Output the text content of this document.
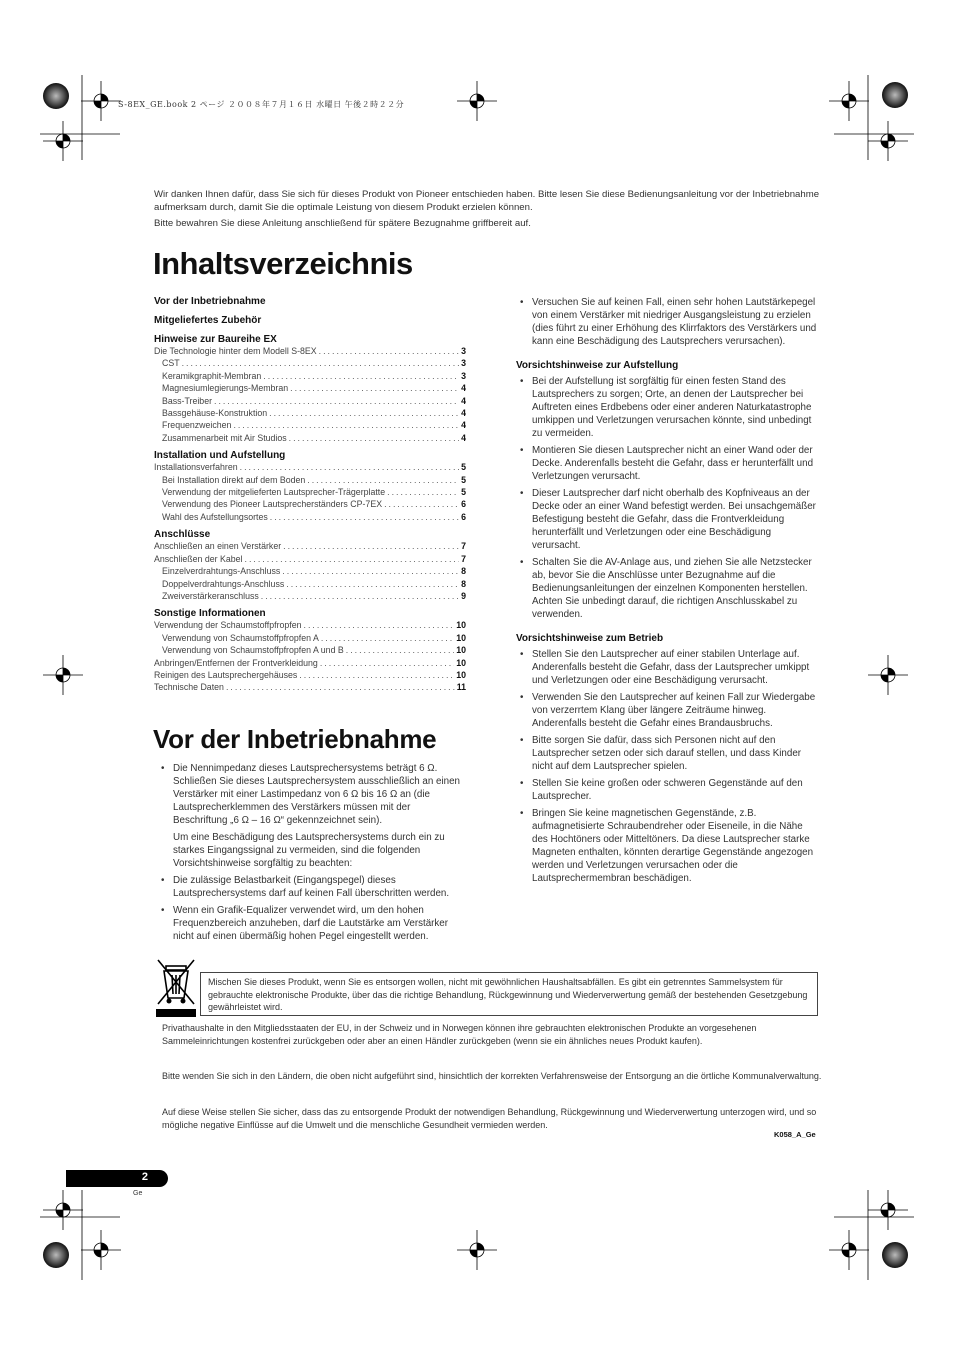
S-8EX_GE.book 2 ページ ２００８年７月１６日 水曜日 午後２時２２分
Wir danken Ihnen dafür, dass Sie sich für dieses Produkt von Pioneer entschieden haben. Bitte lesen Sie diese Bedienungsanleitung vor der Inbetriebnahme aufmerksam durch, damit Sie die optimale Leistung von diesem Produkt erzielen können.
Bitte bewahren Sie diese Anleitung anschließend für spätere Bezugnahme griffbereit auf.
Inhaltsverzeichnis
Vor der Inbetriebnahme
Mitgeliefertes Zubehör
Hinweise zur Baureihe EX
Die Technologie hinter dem Modell S-8EX .....	3
CST .....	3
Keramikgraphit-Membran .....	3
Magnesiumlegierungs-Membran .....	4
Bass-Treiber .....	4
Bassgehäuse-Konstruktion .....	4
Frequenzweichen .....	4
Zusammenarbeit mit Air Studios .....	4
Installation und Aufstellung
Installationsverfahren .....	5
Bei Installation direkt auf dem Boden .....	5
Verwendung der mitgelieferten Lautsprecher-Trägerplatte .....	5
Verwendung des Pioneer Lautsprecherständers CP-7EX .....	6
Wahl des Aufstellungsortes .....	6
Anschlüsse
Anschließen an einen Verstärker .....	7
Anschließen der Kabel .....	7
Einzelverdrahtungs-Anschluss .....	8
Doppelverdrahtungs-Anschluss .....	8
Zweiverstärkeranschluss .....	9
Sonstige Informationen
Verwendung der Schaumstoffpfropfen .....	10
Verwendung von Schaumstoffpfropfen A .....	10
Verwendung von Schaumstoffpfropfen A und B .....	10
Anbringen/Entfernen der Frontverkleidung .....	10
Reinigen des Lautsprechergehäuses .....	10
Technische Daten .....	11
Vor der Inbetriebnahme
• Die Nennimpedanz dieses Lautsprechersystems beträgt 6 Ω. Schließen Sie dieses Lautsprechersystem ausschließlich an einen Verstärker mit einer Lastimpedanz von 6 Ω bis 16 Ω an (die Lautsprecherklemmen des Verstärkers müssen mit der Beschriftung „6 Ω – 16 Ω“ gekennzeichnet sein).
Um eine Beschädigung des Lautsprechersystems durch ein zu starkes Eingangssignal zu vermeiden, sind die folgenden Vorsichtshinweise sorgfältig zu beachten:
• Die zulässige Belastbarkeit (Eingangspegel) dieses Lautsprechersystems darf auf keinen Fall überschritten werden.
• Wenn ein Grafik-Equalizer verwendet wird, um den hohen Frequenzbereich anzuheben, darf die Lautstärke am Verstärker nicht auf einen übermäßig hohen Pegel eingestellt werden.
• Versuchen Sie auf keinen Fall, einen sehr hohen Lautstärkepegel von einem Verstärker mit niedriger Ausgangsleistung zu erzielen (dies führt zu einer Erhöhung des Klirrfaktors des Verstärkers und kann eine Beschädigung des Lautsprechers verursachen).
Vorsichtshinweise zur Aufstellung
• Bei der Aufstellung ist sorgfältig für einen festen Stand des Lautsprechers zu sorgen; Orte, an denen der Lautsprecher bei Auftreten eines Erdbebens oder einer anderen Naturkatastrophe umkippen und Verletzungen verursachen könnte, sind unbedingt zu vermeiden.
• Montieren Sie diesen Lautsprecher nicht an einer Wand oder der Decke. Anderenfalls besteht die Gefahr, dass er herunterfällt und Verletzungen verursacht.
• Dieser Lautsprecher darf nicht oberhalb des Kopfniveaus an der Decke oder an einer Wand befestigt werden. Bei unsachgemäßer Befestigung besteht die Gefahr, dass die Frontverkleidung herunterfällt und Verletzungen oder eine Beschädigung verursacht.
• Schalten Sie die AV-Anlage aus, und ziehen Sie alle Netzstecker ab, bevor Sie die Anschlüsse unter Bezugnahme auf die Bedienungsanleitungen der einzelnen Komponenten herstellen. Achten Sie unbedingt darauf, die richtigen Anschlusskabel zu verwenden.
Vorsichtshinweise zum Betrieb
• Stellen Sie den Lautsprecher auf einer stabilen Unterlage auf. Anderenfalls besteht die Gefahr, dass der Lautsprecher umkippt und Verletzungen oder eine Beschädigung verursacht.
• Verwenden Sie den Lautsprecher auf keinen Fall zur Wiedergabe von verzerrtem Klang über längere Zeiträume hinweg. Anderenfalls besteht die Gefahr eines Brandausbruchs.
• Bitte sorgen Sie dafür, dass sich Personen nicht auf den Lautsprecher setzen oder sich darauf stellen, und dass Kinder nicht auf dem Lautsprecher spielen.
• Stellen Sie keine großen oder schweren Gegenstände auf den Lautsprecher.
• Bringen Sie keine magnetischen Gegenstände, z.B. aufmagnetisierte Schraubendreher oder Eiseneile, in die Nähe des Hochtöners oder Mitteltöners. Da diese Lautsprecher starke Magneten enthalten, könnten derartige Gegenstände angezogen werden und Verletzungen verursachen oder die Lautsprechermembran beschädigen.
Mischen Sie dieses Produkt, wenn Sie es entsorgen wollen, nicht mit gewöhnlichen Haushaltsabfällen. Es gibt ein getrenntes Sammelsystem für gebrauchte elektronische Produkte, über das die richtige Behandlung, Rückgewinnung und Wiederverwertung gemäß der bestehenden Gesetzgebung gewährleistet wird.
Privathaushalte in den Mitgliedsstaaten der EU, in der Schweiz und in Norwegen können ihre gebrauchten elektronischen Produkte an vorgesehenen Sammeleinrichtungen kostenfrei zurückgeben oder aber an einen Händler zurückgeben (wenn sie ein ähnliches neues Produkt kaufen).
Bitte wenden Sie sich in den Ländern, die oben nicht aufgeführt sind, hinsichtlich der korrekten Verfahrensweise der Entsorgung an die örtliche Kommunalverwaltung.
Auf diese Weise stellen Sie sicher, dass das zu entsorgende Produkt der notwendigen Behandlung, Rückgewinnung und Wiederverwertung unterzogen wird, und so mögliche negative Einflüsse auf die Umwelt und die menschliche Gesundheit vermieden werden.
K058_A_Ge
2
Ge
